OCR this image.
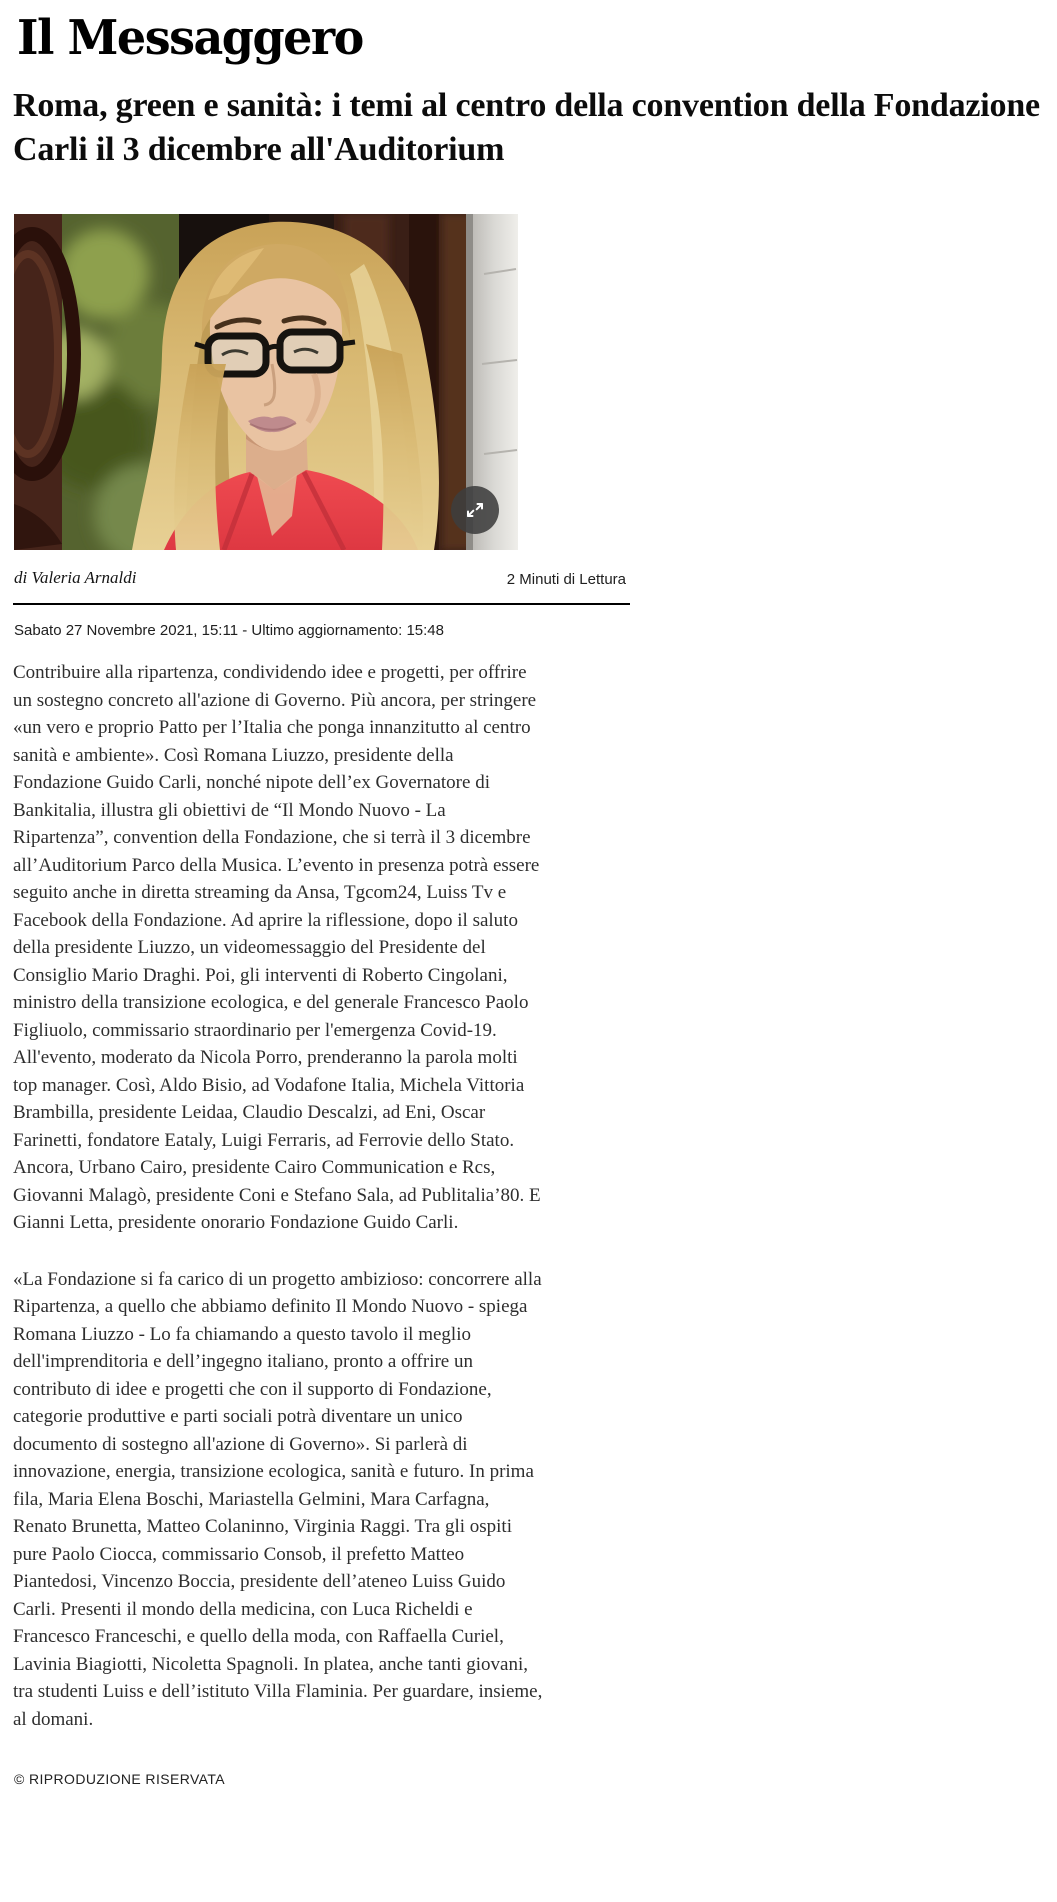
Il Messaggero
Roma, green e sanità: i temi al centro della convention della Fondazione Carli il 3 dicembre all'Auditorium
di Valeria Arnaldi	2 Minuti di Lettura
Sabato 27 Novembre 2021, 15:11 - Ultimo aggiornamento: 15:48

Contribuire alla ripartenza, condividendo idee e progetti, per offrire un sostegno concreto all'azione di Governo. Più ancora, per stringere «un vero e proprio Patto per l’Italia che ponga innanzitutto al centro sanità e ambiente». Così Romana Liuzzo, presidente della Fondazione Guido Carli, nonché nipote dell’ex Governatore di Bankitalia, illustra gli obiettivi de “Il Mondo Nuovo - La Ripartenza”, convention della Fondazione, che si terrà il 3 dicembre all’Auditorium Parco della Musica. L’evento in presenza potrà essere seguito anche in diretta streaming da Ansa, Tgcom24, Luiss Tv e Facebook della Fondazione. Ad aprire la riflessione, dopo il saluto della presidente Liuzzo, un videomessaggio del Presidente del Consiglio Mario Draghi. Poi, gli interventi di Roberto Cingolani, ministro della transizione ecologica, e del generale Francesco Paolo Figliuolo, commissario straordinario per l'emergenza Covid-19. All'evento, moderato da Nicola Porro, prenderanno la parola molti top manager. Così, Aldo Bisio, ad Vodafone Italia, Michela Vittoria Brambilla, presidente Leidaa, Claudio Descalzi, ad Eni, Oscar Farinetti, fondatore Eataly, Luigi Ferraris, ad Ferrovie dello Stato. Ancora, Urbano Cairo, presidente Cairo Communication e Rcs, Giovanni Malagò, presidente Coni e Stefano Sala, ad Publitalia’80. E Gianni Letta, presidente onorario Fondazione Guido Carli.

«La Fondazione si fa carico di un progetto ambizioso: concorrere alla Ripartenza, a quello che abbiamo definito Il Mondo Nuovo - spiega Romana Liuzzo - Lo fa chiamando a questo tavolo il meglio dell'imprenditoria e dell’ingegno italiano, pronto a offrire un contributo di idee e progetti che con il supporto di Fondazione, categorie produttive e parti sociali potrà diventare un unico documento di sostegno all'azione di Governo». Si parlerà di innovazione, energia, transizione ecologica, sanità e futuro. In prima fila, Maria Elena Boschi, Mariastella Gelmini, Mara Carfagna, Renato Brunetta, Matteo Colaninno, Virginia Raggi. Tra gli ospiti pure Paolo Ciocca, commissario Consob, il prefetto Matteo Piantedosi, Vincenzo Boccia, presidente dell’ateneo Luiss Guido Carli. Presenti il mondo della medicina, con Luca Richeldi e Francesco Franceschi, e quello della moda, con Raffaella Curiel, Lavinia Biagiotti, Nicoletta Spagnoli. In platea, anche tanti giovani, tra studenti Luiss e dell’istituto Villa Flaminia. Per guardare, insieme, al domani.

© RIPRODUZIONE RISERVATA
